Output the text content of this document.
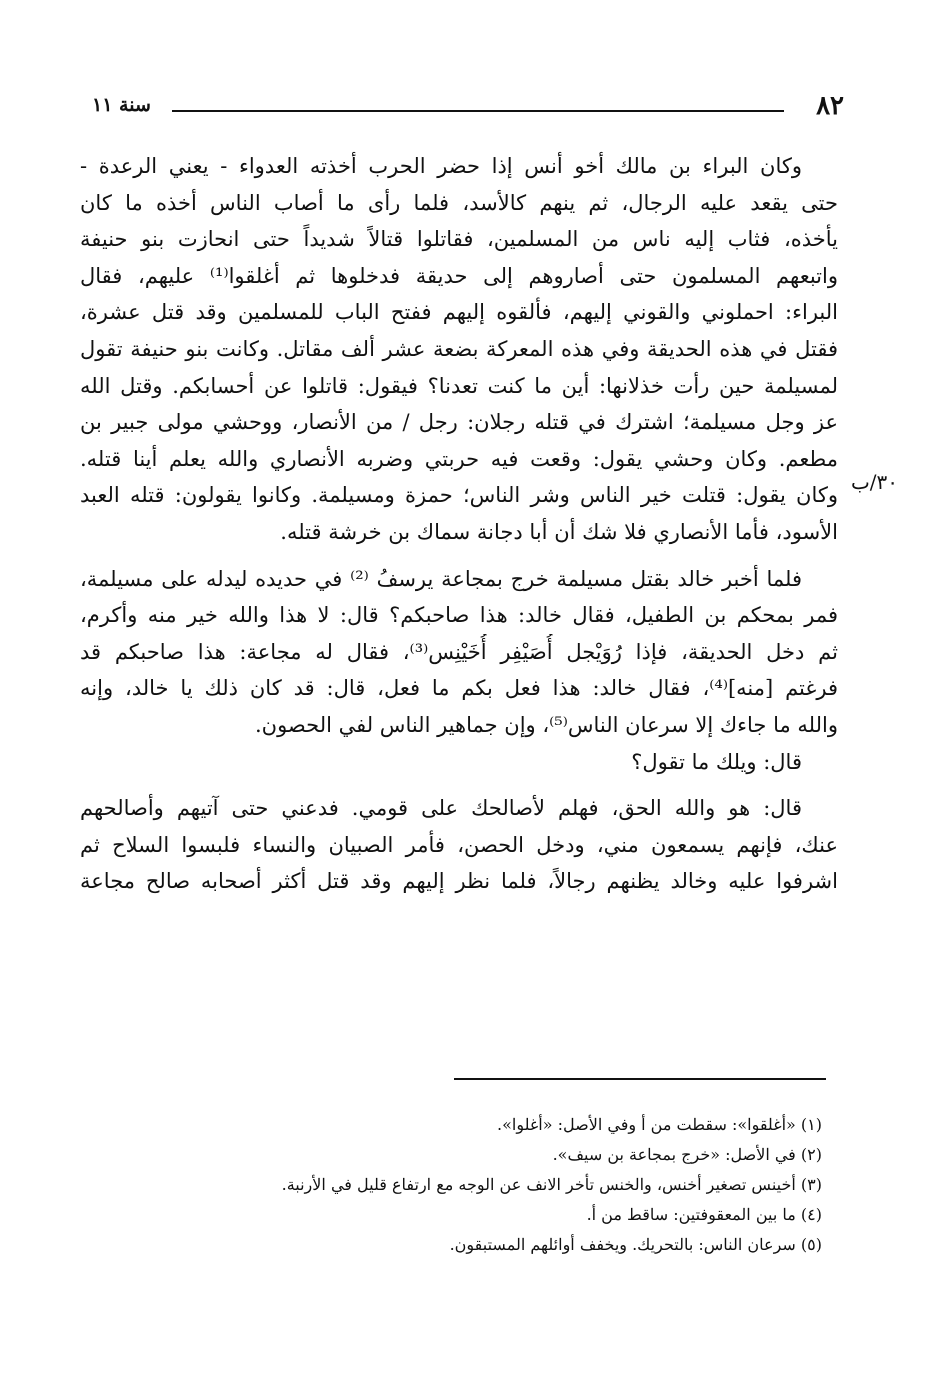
٨٢
سنة ١١
٣٠/ب
وكان البراء بن مالك أخو أنس إذا حضر الحرب أخذته العدواء - يعني الرعدة -
حتى يقعد عليه الرجال، ثم ينهم كالأسد، فلما رأى ما أصاب الناس أخذه ما كان
يأخذه، فثاب إليه ناس من المسلمين، فقاتلوا قتالاً شديداً حتى انحازت بنو حنيفة
واتبعهم المسلمون حتى أصاروهم إلى حديقة فدخلوها ثم أغلقوا⁽¹⁾ عليهم، فقال
البراء: احملوني والقوني إليهم، فألقوه إليهم ففتح الباب للمسلمين وقد قتل عشرة،
فقتل في هذه الحديقة وفي هذه المعركة بضعة عشر ألف مقاتل. وكانت بنو حنيفة تقول
لمسيلمة حين رأت خذلانها: أين ما كنت تعدنا؟ فيقول: قاتلوا عن أحسابكم. وقتل الله
عز وجل مسيلمة؛ اشترك في قتله رجلان: رجل / من الأنصار، ووحشي مولى جبير بن
مطعم. وكان وحشي يقول: وقعت فيه حربتي وضربه الأنصاري والله يعلم أينا قتله.
وكان يقول: قتلت خير الناس وشر الناس؛ حمزة ومسيلمة. وكانوا يقولون: قتله العبد
الأسود، فأما الأنصاري فلا شك أن أبا دجانة سماك بن خرشة قتله.
فلما أخبر خالد بقتل مسيلمة خرج بمجاعة يرسفُ ⁽²⁾ في حديده ليدله على مسيلمة،
فمر بمحكم بن الطفيل، فقال خالد: هذا صاحبكم؟ قال: لا هذا والله خير منه وأكرم،
ثم دخل الحديقة، فإذا رُوَيْجل أُصَيْفِر أُخَيْنِس⁽³⁾، فقال له مجاعة: هذا صاحبكم قد
فرغتم [منه]⁽⁴⁾، فقال خالد: هذا فعل بكم ما فعل، قال: قد كان ذلك يا خالد، وإنه
والله ما جاءك إلا سرعان الناس⁽⁵⁾، وإن جماهير الناس لفي الحصون.
قال: ويلك ما تقول؟
قال: هو والله الحق، فهلم لأصالحك على قومي. فدعني حتى آتيهم وأصالحهم
عنك، فإنهم يسمعون مني، ودخل الحصن، فأمر الصبيان والنساء فلبسوا السلاح ثم
اشرفوا عليه وخالد يظنهم رجالاً، فلما نظر إليهم وقد قتل أكثر أصحابه صالح مجاعة
(١) «أغلقوا»: سقطت من أ وفي الأصل: «أغلوا».
(٢) في الأصل: «خرج بمجاعة بن سيف».
(٣) أخينس تصغير أخنس، والخنس تأخر الانف عن الوجه مع ارتفاع قليل في الأرنبة.
(٤) ما بين المعقوفتين: ساقط من أ.
(٥) سرعان الناس: بالتحريك. ويخفف أوائلهم المستبقون.
